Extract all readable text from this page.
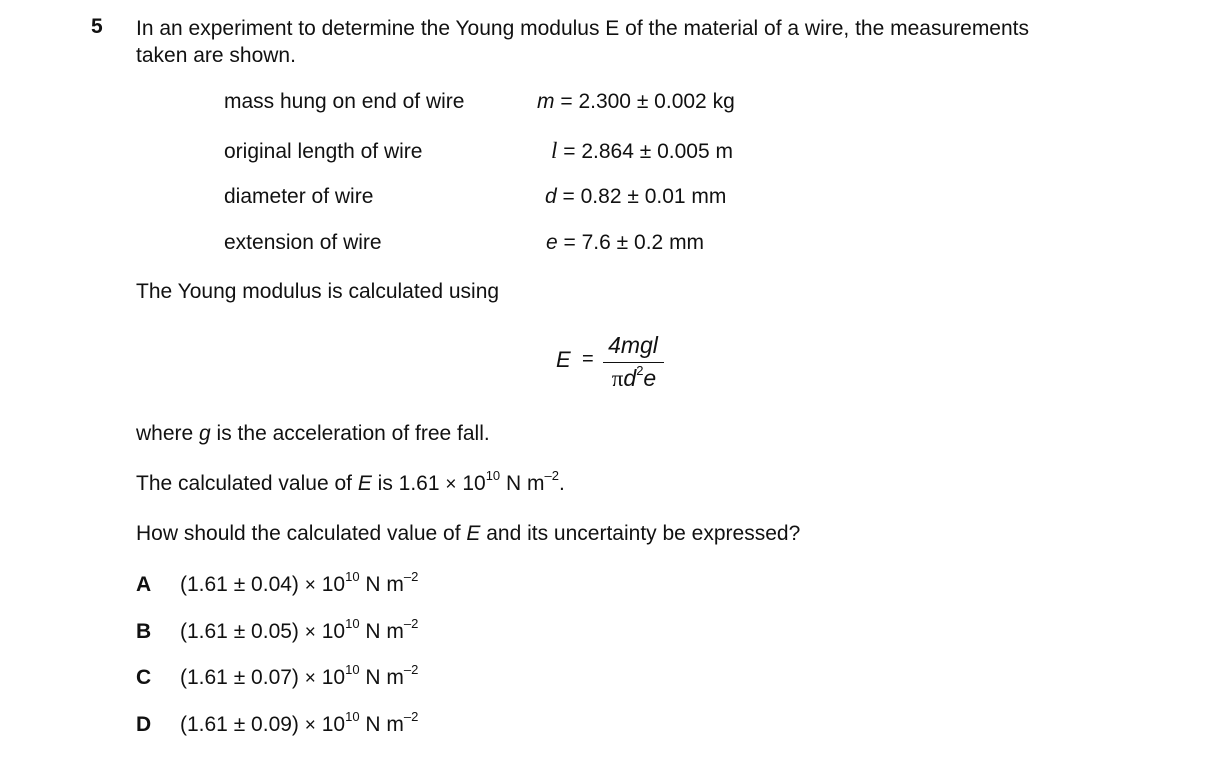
5 In an experiment to determine the Young modulus E of the material of a wire, the measurements
taken are shown.
mass hung on end of wire	m = 2.300 ± 0.002 kg
original length of wire	l = 2.864 ± 0.005 m
diameter of wire	d = 0.82 ± 0.01 mm
extension of wire	e = 7.6 ± 0.2 mm
The Young modulus is calculated using
E =
4mgl
$\pi d^2e$
where g is the acceleration of free fall.
The calculated value of E is $1.61 \times 10^{10}$ N $m^{-2}$.
How should the calculated value of E and its uncertainty be expressed?
A $(1.61 \pm 0.04) \times 10^{10}$ N $m^{-2}$
B $(1.61 \pm 0.05) \times 10^{10}$ N $m^{-2}$
C $(1.61 \pm 0.07) \times 10^{10}$ N $m^{-2}$
D $(1.61 \pm 0.09) \times 10^{10}$ N $m^{-2}$
